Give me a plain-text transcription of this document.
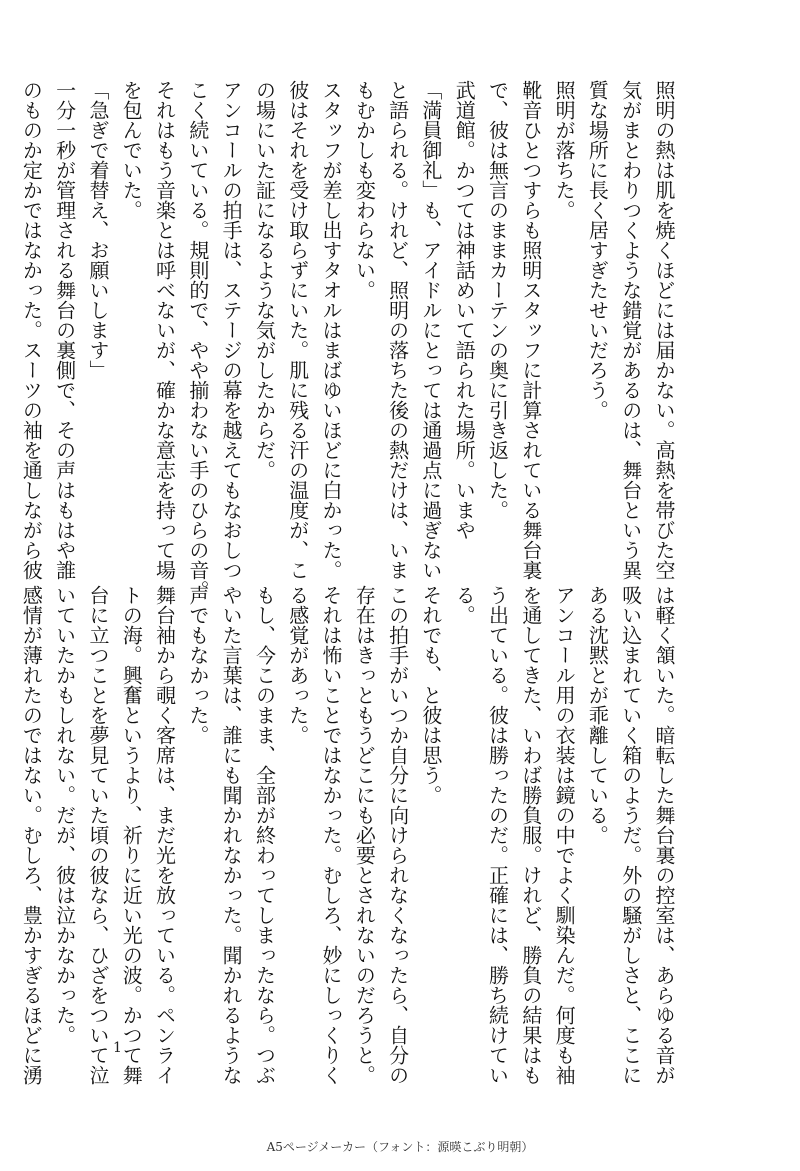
照明の熱は肌を焼くほどには届かない。高熱を帯びた空

気がまとわりつくような錯覚があるのは、舞台という異

質な場所に長く居すぎたせいだろう。

照明が落ちた。

靴音ひとつすらも照明スタッフに計算されている舞台裏

で、彼は無言のままカーテンの奥に引き返した。

武道館。かつては神話めいて語られた場所。いまや

「満員御礼」も、アイドルにとっては通過点に過ぎない

と語られる。けれど、照明の落ちた後の熱だけは、いま

もむかしも変わらない。

スタッフが差し出すタオルはまばゆいほどに白かった。

彼はそれを受け取らずにいた。肌に残る汗の温度が、こ

の場にいた証になるような気がしたからだ。

アンコールの拍手は、ステージの幕を越えてもなおしつ

こく続いている。規則的で、やや揃わない手のひらの音。

それはもう音楽とは呼べないが、確かな意志を持って場

を包んでいた。

「急ぎで着替え、お願いします」

一分一秒が管理される舞台の裏側で、その声はもはや誰

のものか定かではなかった。スーツの袖を通しながら彼

は軽く頷いた。暗転した舞台裏の控室は、あらゆる音が

吸い込まれていく箱のようだ。外の騒がしさと、ここに

ある沈黙とが乖離している。

アンコール用の衣装は鏡の中でよく馴染んだ。何度も袖

を通してきた、いわば勝負服。けれど、勝負の結果はも

う出ている。彼は勝ったのだ。正確には、勝ち続けてい

る。

それでも、と彼は思う。

この拍手がいつか自分に向けられなくなったら、自分の

存在はきっともうどこにも必要とされないのだろうと。

それは怖いことではなかった。むしろ、妙にしっくりく

る感覚があった。

もし、今このまま、全部が終わってしまったなら。つぶ

やいた言葉は、誰にも聞かれなかった。聞かれるような

声でもなかった。

舞台袖から覗く客席は、まだ光を放っている。ペンライ

トの海。興奮というより、祈りに近い光の波。かつて舞

台に立つことを夢見ていた頃の彼なら、ひざをついて泣

いていたかもしれない。だが、彼は泣かなかった。

感情が薄れたのではない。むしろ、豊かすぎるほどに湧	1
A5ページメーカー（フォント：源暎こぶり明朝）
